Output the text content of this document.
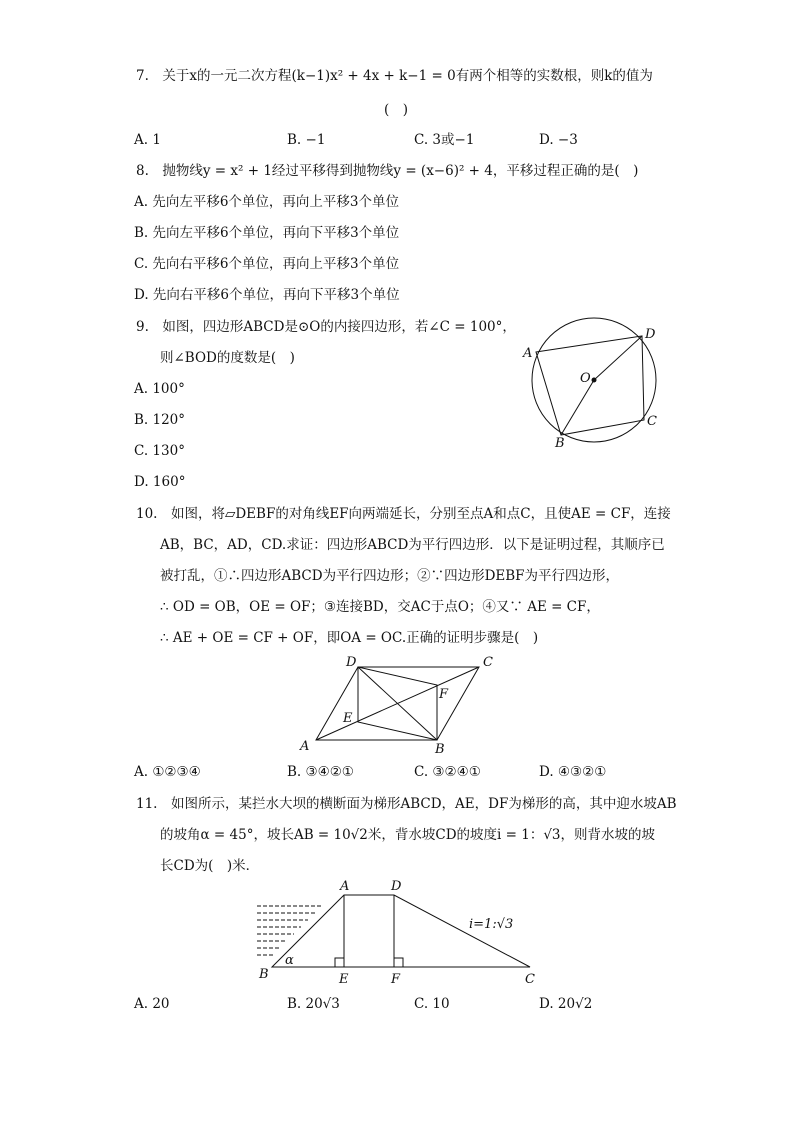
7.　关于x的一元二次方程(k−1)x² + 4x + k−1 = 0有两个相等的实数根，则k的值为
(　)
A. 1	B. −1	C. 3或−1	D. −3
8.　抛物线y = x² + 1经过平移得到抛物线y = (x−6)² + 4，平移过程正确的是(　)
A. 先向左平移6个单位，再向上平移3个单位
B. 先向左平移6个单位，再向下平移3个单位
C. 先向右平移6个单位，再向上平移3个单位
D. 先向右平移6个单位，再向下平移3个单位
9.　如图，四边形ABCD是⊙O的内接四边形，若∠C = 100°，
则∠BOD的度数是(　)
A. 100°
B. 120°
C. 130°
D. 160°
A
D
O
C
B
10.　如图，将▱DEBF的对角线EF向两端延长，分别至点A和点C，且使AE = CF，连接
AB，BC，AD，CD.求证：四边形ABCD为平行四边形．以下是证明过程，其顺序已
被打乱，①∴四边形ABCD为平行四边形；②∵四边形DEBF为平行四边形，
∴ OD = OB，OE = OF；③连接BD，交AC于点O；④又∵ AE = CF，
∴ AE + OE = CF + OF，即OA = OC.正确的证明步骤是(　)
D	C
F
E
A	B
A. ①②③④	B. ③④②①	C. ③②④①	D. ④③②①
11.　如图所示，某拦水大坝的横断面为梯形ABCD，AE，DF为梯形的高，其中迎水坡AB
的坡角α = 45°，坡长AB = 10√2米，背水坡CD的坡度i = 1：√3，则背水坡的坡
长CD为(　)米．
A	D
α
i=1:√3
B	E	F	C
A. 20	B. 20√3	C. 10	D. 20√2
